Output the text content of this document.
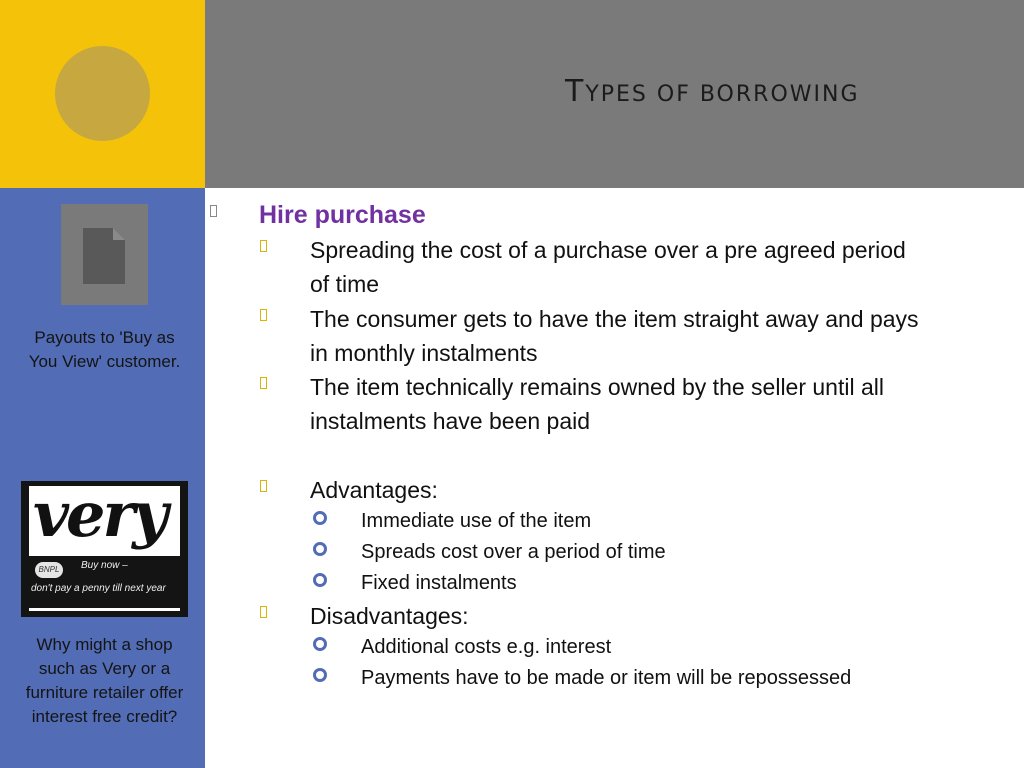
TYPES OF BORROWING
Payouts to 'Buy as
You View' customer.
very
BNPL	Buy now –
don't pay a penny till next year
Why might a shop
such as Very or a
furniture retailer offer
interest free credit?
Hire purchase
Spreading the cost of a purchase over a pre agreed period
of time
The consumer gets to have the item straight away and pays
in monthly instalments
The item technically remains owned by the seller until all
instalments have been paid
Advantages:
Immediate use of the item
Spreads cost over a period of time
Fixed instalments
Disadvantages:
Additional costs e.g. interest
Payments have to be made or item will be repossessed
